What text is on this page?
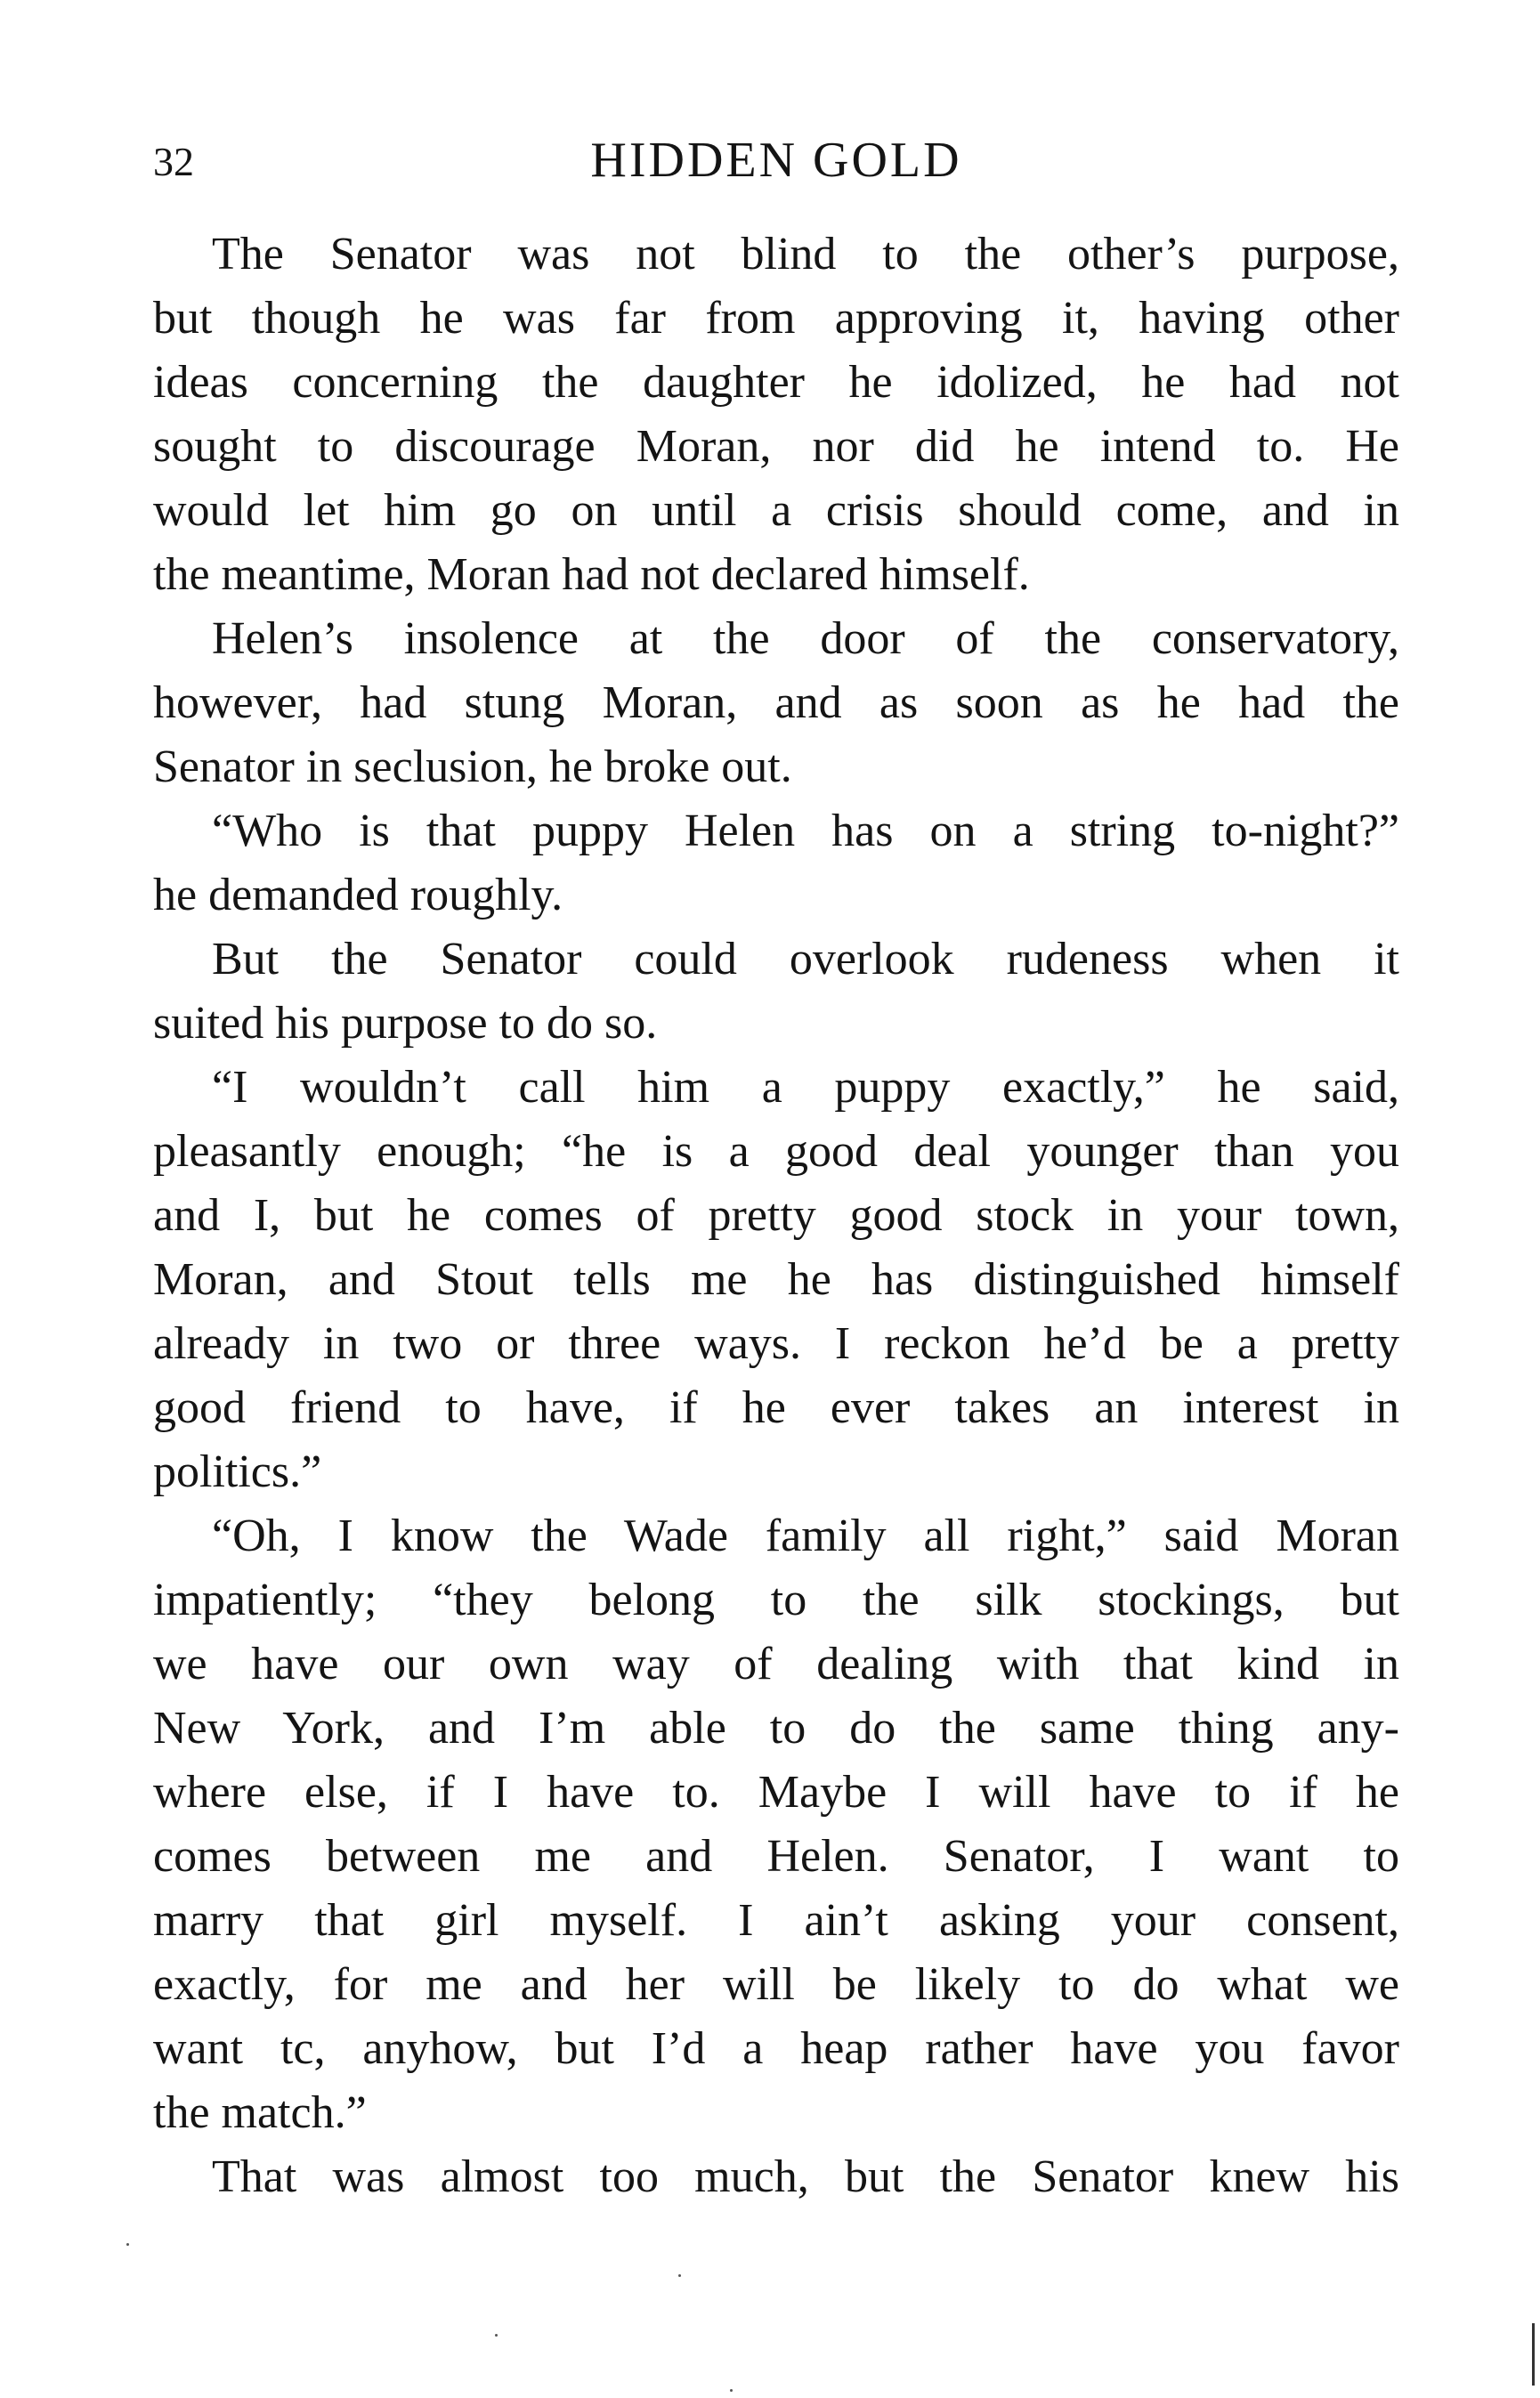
32	HIDDEN GOLD
The Senator was not blind to the other’s purpose,
but though he was far from approving it, having other
ideas concerning the daughter he idolized, he had not
sought to discourage Moran, nor did he intend to. He
would let him go on until a crisis should come, and in
the meantime, Moran had not declared himself.
Helen’s insolence at the door of the conservatory,
however, had stung Moran, and as soon as he had the
Senator in seclusion, he broke out.
“Who is that puppy Helen has on a string to-night?”
he demanded roughly.
But the Senator could overlook rudeness when it
suited his purpose to do so.
“I wouldn’t call him a puppy exactly,” he said,
pleasantly enough; “he is a good deal younger than you
and I, but he comes of pretty good stock in your town,
Moran, and Stout tells me he has distinguished himself
already in two or three ways. I reckon he’d be a pretty
good friend to have, if he ever takes an interest in
politics.”
“Oh, I know the Wade family all right,” said Moran
impatiently; “they belong to the silk stockings, but
we have our own way of dealing with that kind in
New York, and I’m able to do the same thing any-
where else, if I have to. Maybe I will have to if he
comes between me and Helen. Senator, I want to
marry that girl myself. I ain’t asking your consent,
exactly, for me and her will be likely to do what we
want tc, anyhow, but I’d a heap rather have you favor
the match.”
That was almost too much, but the Senator knew his
